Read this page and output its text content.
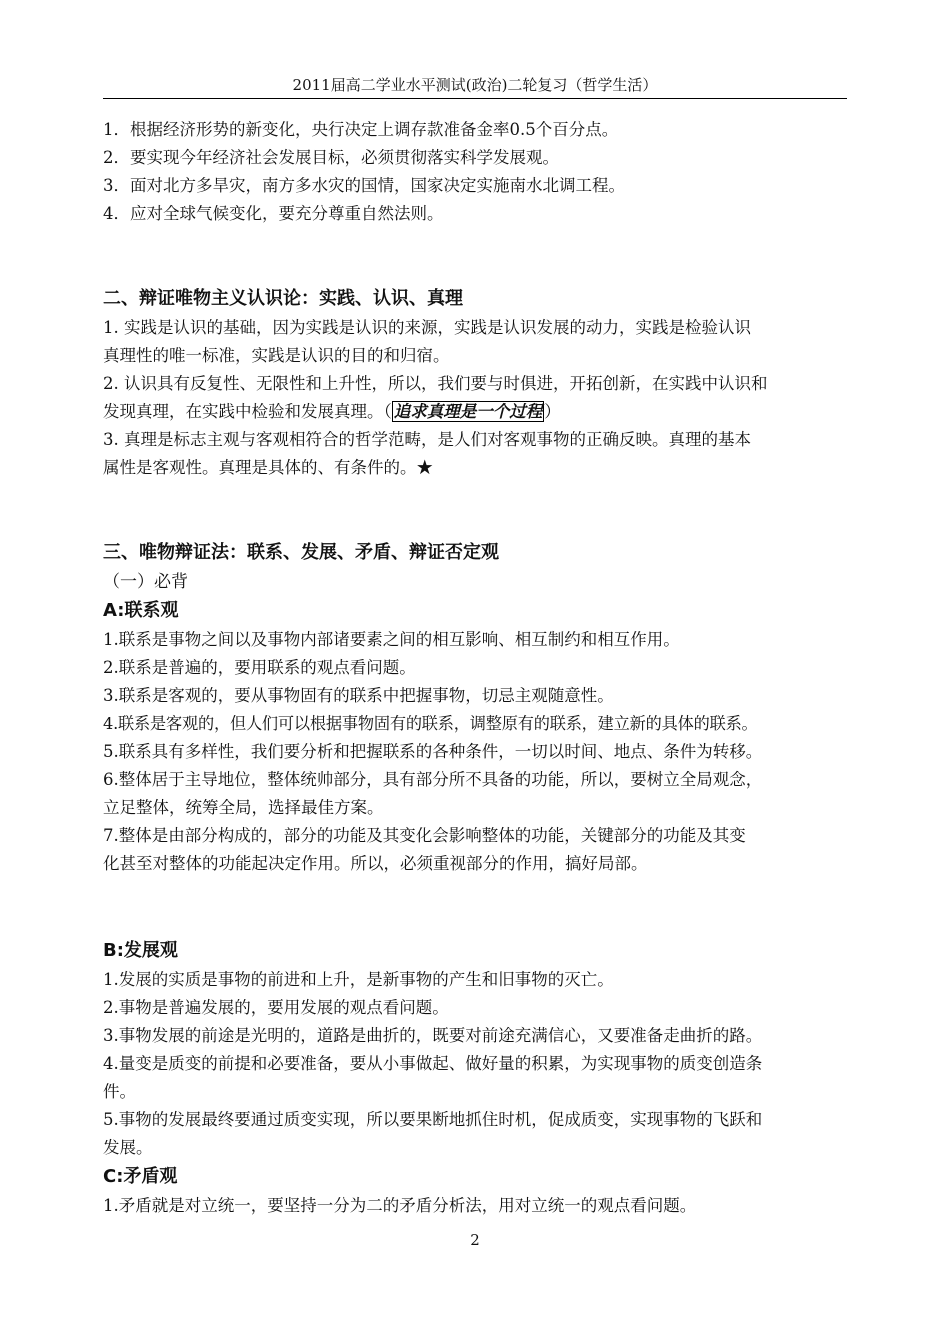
2011届高二学业水平测试(政治)二轮复习（哲学生活）

1．根据经济形势的新变化，央行决定上调存款准备金率0.5个百分点。

2．要实现今年经济社会发展目标，必须贯彻落实科学发展观。

3．面对北方多旱灾，南方多水灾的国情，国家决定实施南水北调工程。

4．应对全球气候变化，要充分尊重自然法则。

二、辩证唯物主义认识论：实践、认识、真理

1. 实践是认识的基础，因为实践是认识的来源，实践是认识发展的动力，实践是检验认识

真理性的唯一标准，实践是认识的目的和归宿。

2. 认识具有反复性、无限性和上升性，所以，我们要与时俱进，开拓创新，在实践中认识和

发现真理，在实践中检验和发展真理。（ 追求真理是一个过程 ）

3. 真理是标志主观与客观相符合的哲学范畴，是人们对客观事物的正确反映。真理的基本

属性是客观性。真理是具体的、有条件的。★

三、唯物辩证法：联系、发展、矛盾、辩证否定观

（一）必背

A:联系观

1.联系是事物之间以及事物内部诸要素之间的相互影响、相互制约和相互作用。

2.联系是普遍的，要用联系的观点看问题。

3.联系是客观的，要从事物固有的联系中把握事物，切忌主观随意性。

4.联系是客观的，但人们可以根据事物固有的联系，调整原有的联系，建立新的具体的联系。

5.联系具有多样性，我们要分析和把握联系的各种条件，一切以时间、地点、条件为转移。

6.整体居于主导地位，整体统帅部分，具有部分所不具备的功能，所以，要树立全局观念，

立足整体，统筹全局，选择最佳方案。

7.整体是由部分构成的，部分的功能及其变化会影响整体的功能，关键部分的功能及其变

化甚至对整体的功能起决定作用。所以，必须重视部分的作用，搞好局部。

B:发展观

1.发展的实质是事物的前进和上升，是新事物的产生和旧事物的灭亡。

2.事物是普遍发展的，要用发展的观点看问题。

3.事物发展的前途是光明的，道路是曲折的，既要对前途充满信心，又要准备走曲折的路。

4.量变是质变的前提和必要准备，要从小事做起、做好量的积累，为实现事物的质变创造条

件。

5.事物的发展最终要通过质变实现，所以要果断地抓住时机，促成质变，实现事物的飞跃和

发展。

C:矛盾观

1.矛盾就是对立统一，要坚持一分为二的矛盾分析法，用对立统一的观点看问题。

2
